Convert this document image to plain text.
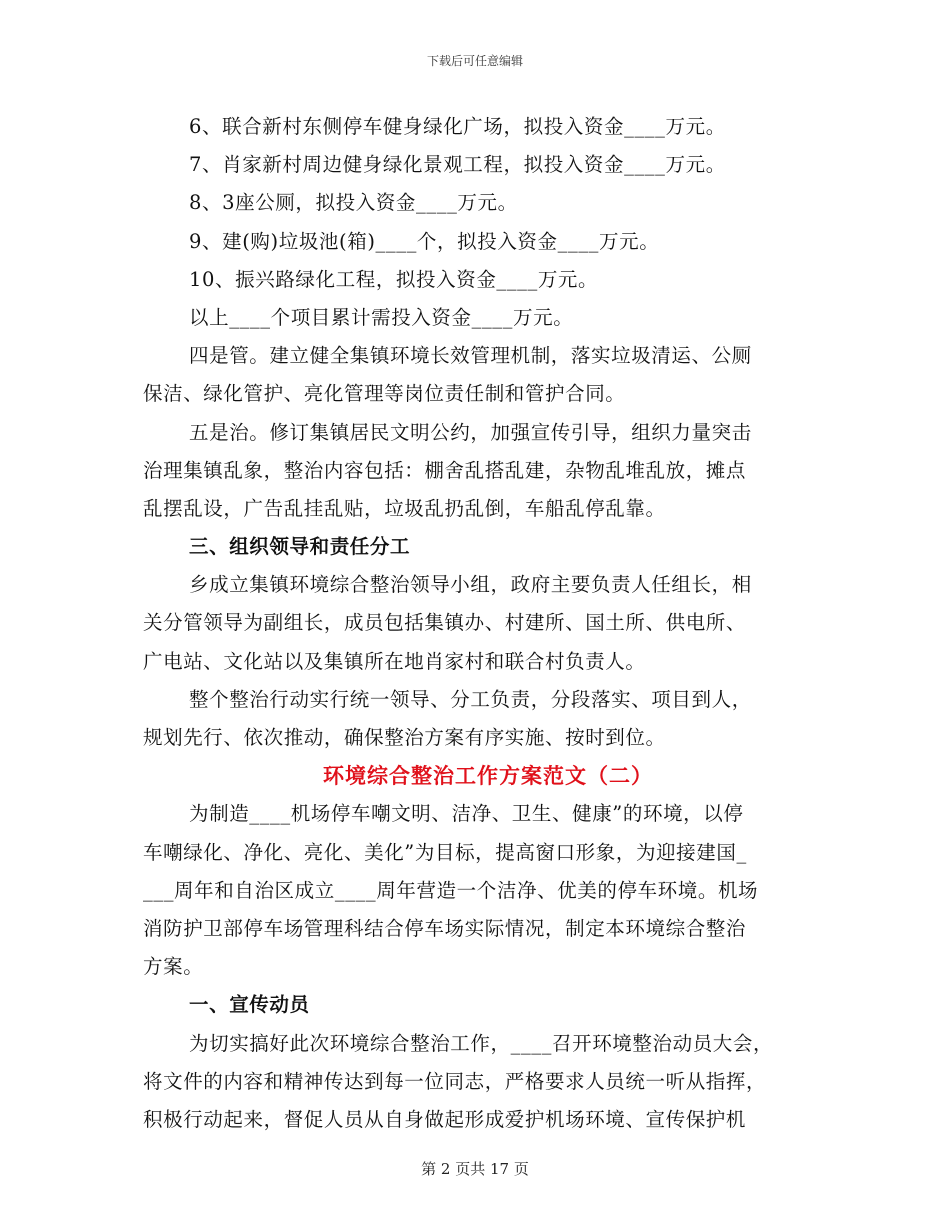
下载后可任意编辑
6、联合新村东侧停车健身绿化广场，拟投入资金____万元。
7、肖家新村周边健身绿化景观工程，拟投入资金____万元。
8、3座公厕，拟投入资金____万元。
9、建(购)垃圾池(箱)____个，拟投入资金____万元。
10、振兴路绿化工程，拟投入资金____万元。
以上____个项目累计需投入资金____万元。
四是管。建立健全集镇环境长效管理机制，落实垃圾清运、公厕
保洁、绿化管护、亮化管理等岗位责任制和管护合同。
五是治。修订集镇居民文明公约，加强宣传引导，组织力量突击
治理集镇乱象，整治内容包括：棚舍乱搭乱建，杂物乱堆乱放，摊点
乱摆乱设，广告乱挂乱贴，垃圾乱扔乱倒，车船乱停乱靠。
三、组织领导和责任分工
乡成立集镇环境综合整治领导小组，政府主要负责人任组长，相
关分管领导为副组长，成员包括集镇办、村建所、国土所、供电所、
广电站、文化站以及集镇所在地肖家村和联合村负责人。
整个整治行动实行统一领导、分工负责，分段落实、项目到人，
规划先行、依次推动，确保整治方案有序实施、按时到位。
环境综合整治工作方案范文（二）
为制造____机场停车嘲文明、洁净、卫生、健康”的环境，以停
车嘲绿化、净化、亮化、美化”为目标，提高窗口形象，为迎接建国_
___周年和自治区成立____周年营造一个洁净、优美的停车环境。机场
消防护卫部停车场管理科结合停车场实际情况，制定本环境综合整治
方案。
一、宣传动员
为切实搞好此次环境综合整治工作，____召开环境整治动员大会，
将文件的内容和精神传达到每一位同志，严格要求人员统一听从指挥，
积极行动起来，督促人员从自身做起形成爱护机场环境、宣传保护机
第 2 页共 17 页
